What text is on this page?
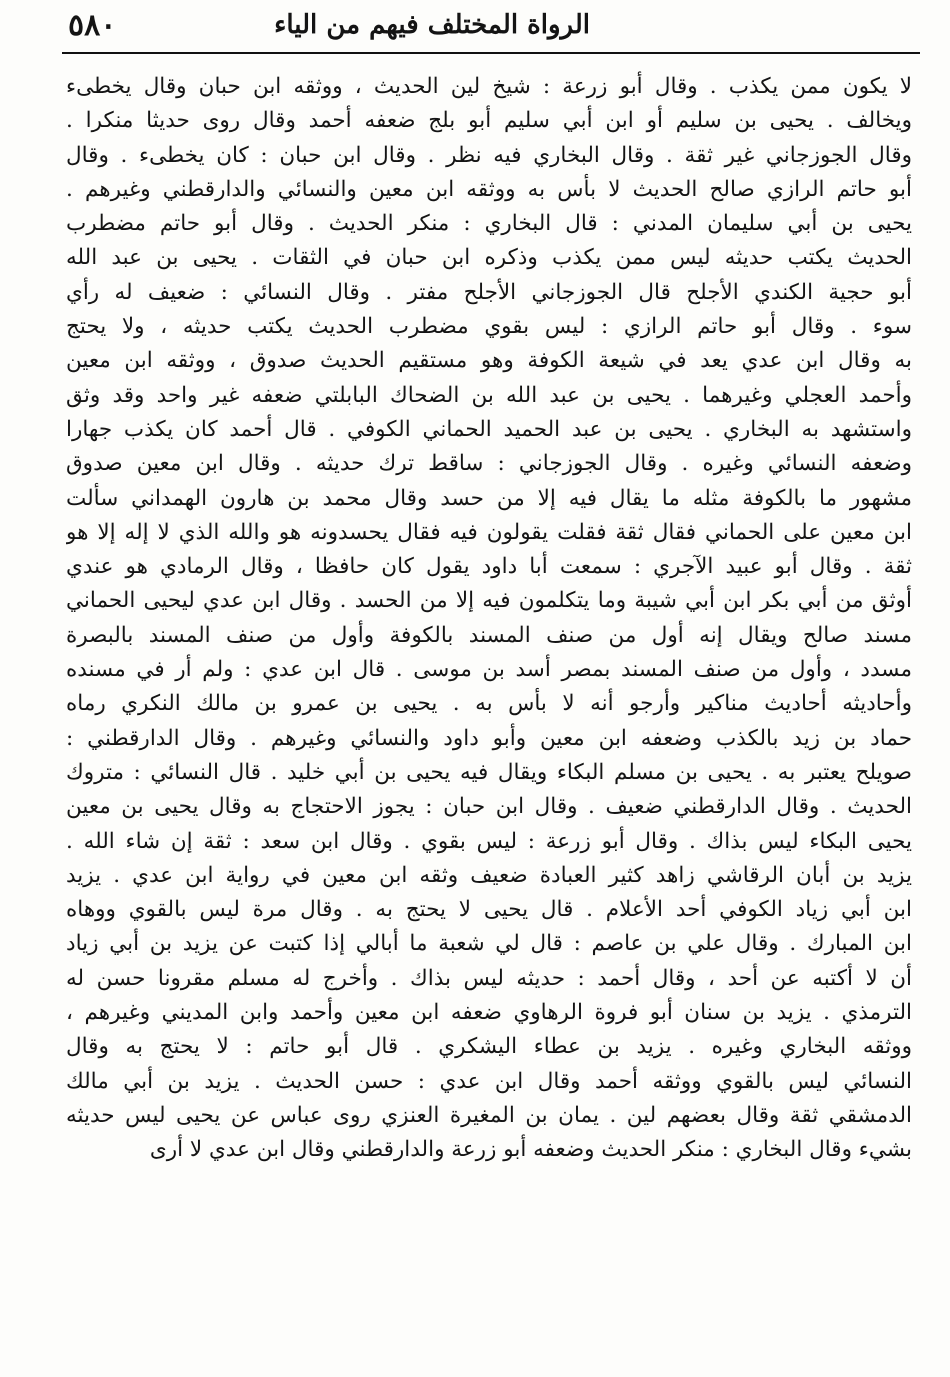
٥٨٠	الرواة المختلف فيهم من الياء
لا يكون ممن يكذب . وقال أبو زرعة : شيخ لين الحديث ، ووثقه ابن حبان وقال يخطىء
ويخالف . يحيى بن سليم أو ابن أبي سليم أبو بلج ضعفه أحمد وقال روى حديثا منكرا .
وقال الجوزجاني غير ثقة . وقال البخاري فيه نظر . وقال ابن حبان : كان يخطىء . وقال
أبو حاتم الرازي صالح الحديث لا بأس به ووثقه ابن معين والنسائي والدارقطني وغيرهم .
يحيى بن أبي سليمان المدني : قال البخاري : منكر الحديث . وقال أبو حاتم مضطرب
الحديث يكتب حديثه ليس ممن يكذب وذكره ابن حبان في الثقات . يحيى بن عبد الله
أبو حجية الكندي الأجلح قال الجوزجاني الأجلح مفتر . وقال النسائي : ضعيف له رأي
سوء . وقال أبو حاتم الرازي : ليس بقوي مضطرب الحديث يكتب حديثه ، ولا يحتج
به وقال ابن عدي يعد في شيعة الكوفة وهو مستقيم الحديث صدوق ، ووثقه ابن معين
وأحمد العجلي وغيرهما . يحيى بن عبد الله بن الضحاك البابلتي ضعفه غير واحد وقد وثق
واستشهد به البخاري . يحيى بن عبد الحميد الحماني الكوفي . قال أحمد كان يكذب جهارا
وضعفه النسائي وغيره . وقال الجوزجاني : ساقط ترك حديثه . وقال ابن معين صدوق
مشهور ما بالكوفة مثله ما يقال فيه إلا من حسد وقال محمد بن هارون الهمداني سألت
ابن معين على الحماني فقال ثقة فقلت يقولون فيه فقال يحسدونه هو والله الذي لا إله إلا هو
ثقة . وقال أبو عبيد الآجري : سمعت أبا داود يقول كان حافظا ، وقال الرمادي هو عندي
أوثق من أبي بكر ابن أبي شيبة وما يتكلمون فيه إلا من الحسد . وقال ابن عدي ليحيى الحماني
مسند صالح ويقال إنه أول من صنف المسند بالكوفة وأول من صنف المسند بالبصرة
مسدد ، وأول من صنف المسند بمصر أسد بن موسى . قال ابن عدي : ولم أر في مسنده
وأحاديثه أحاديث مناكير وأرجو أنه لا بأس به . يحيى بن عمرو بن مالك النكري رماه
حماد بن زيد بالكذب وضعفه ابن معين وأبو داود والنسائي وغيرهم . وقال الدارقطني :
صويلح يعتبر به . يحيى بن مسلم البكاء ويقال فيه يحيى بن أبي خليد . قال النسائي : متروك
الحديث . وقال الدارقطني ضعيف . وقال ابن حبان : يجوز الاحتجاج به وقال يحيى بن معين
يحيى البكاء ليس بذاك . وقال أبو زرعة : ليس بقوي . وقال ابن سعد : ثقة إن شاء الله .
يزيد بن أبان الرقاشي زاهد كثير العبادة ضعيف وثقه ابن معين في رواية ابن عدي . يزيد
ابن أبي زياد الكوفي أحد الأعلام . قال يحيى لا يحتج به . وقال مرة ليس بالقوي ووهاه
ابن المبارك . وقال علي بن عاصم : قال لي شعبة ما أبالي إذا كتبت عن يزيد بن أبي زياد
أن لا أكتبه عن أحد ، وقال أحمد : حديثه ليس بذاك . وأخرج له مسلم مقرونا حسن له
الترمذي . يزيد بن سنان أبو فروة الرهاوي ضعفه ابن معين وأحمد وابن المديني وغيرهم ،
ووثقه البخاري وغيره . يزيد بن عطاء اليشكري . قال أبو حاتم : لا يحتج به وقال
النسائي ليس بالقوي ووثقه أحمد وقال ابن عدي : حسن الحديث . يزيد بن أبي مالك
الدمشقي ثقة وقال بعضهم لين . يمان بن المغيرة العنزي روى عباس عن يحيى ليس حديثه
بشيء وقال البخاري : منكر الحديث وضعفه أبو زرعة والدارقطني وقال ابن عدي لا أرى
